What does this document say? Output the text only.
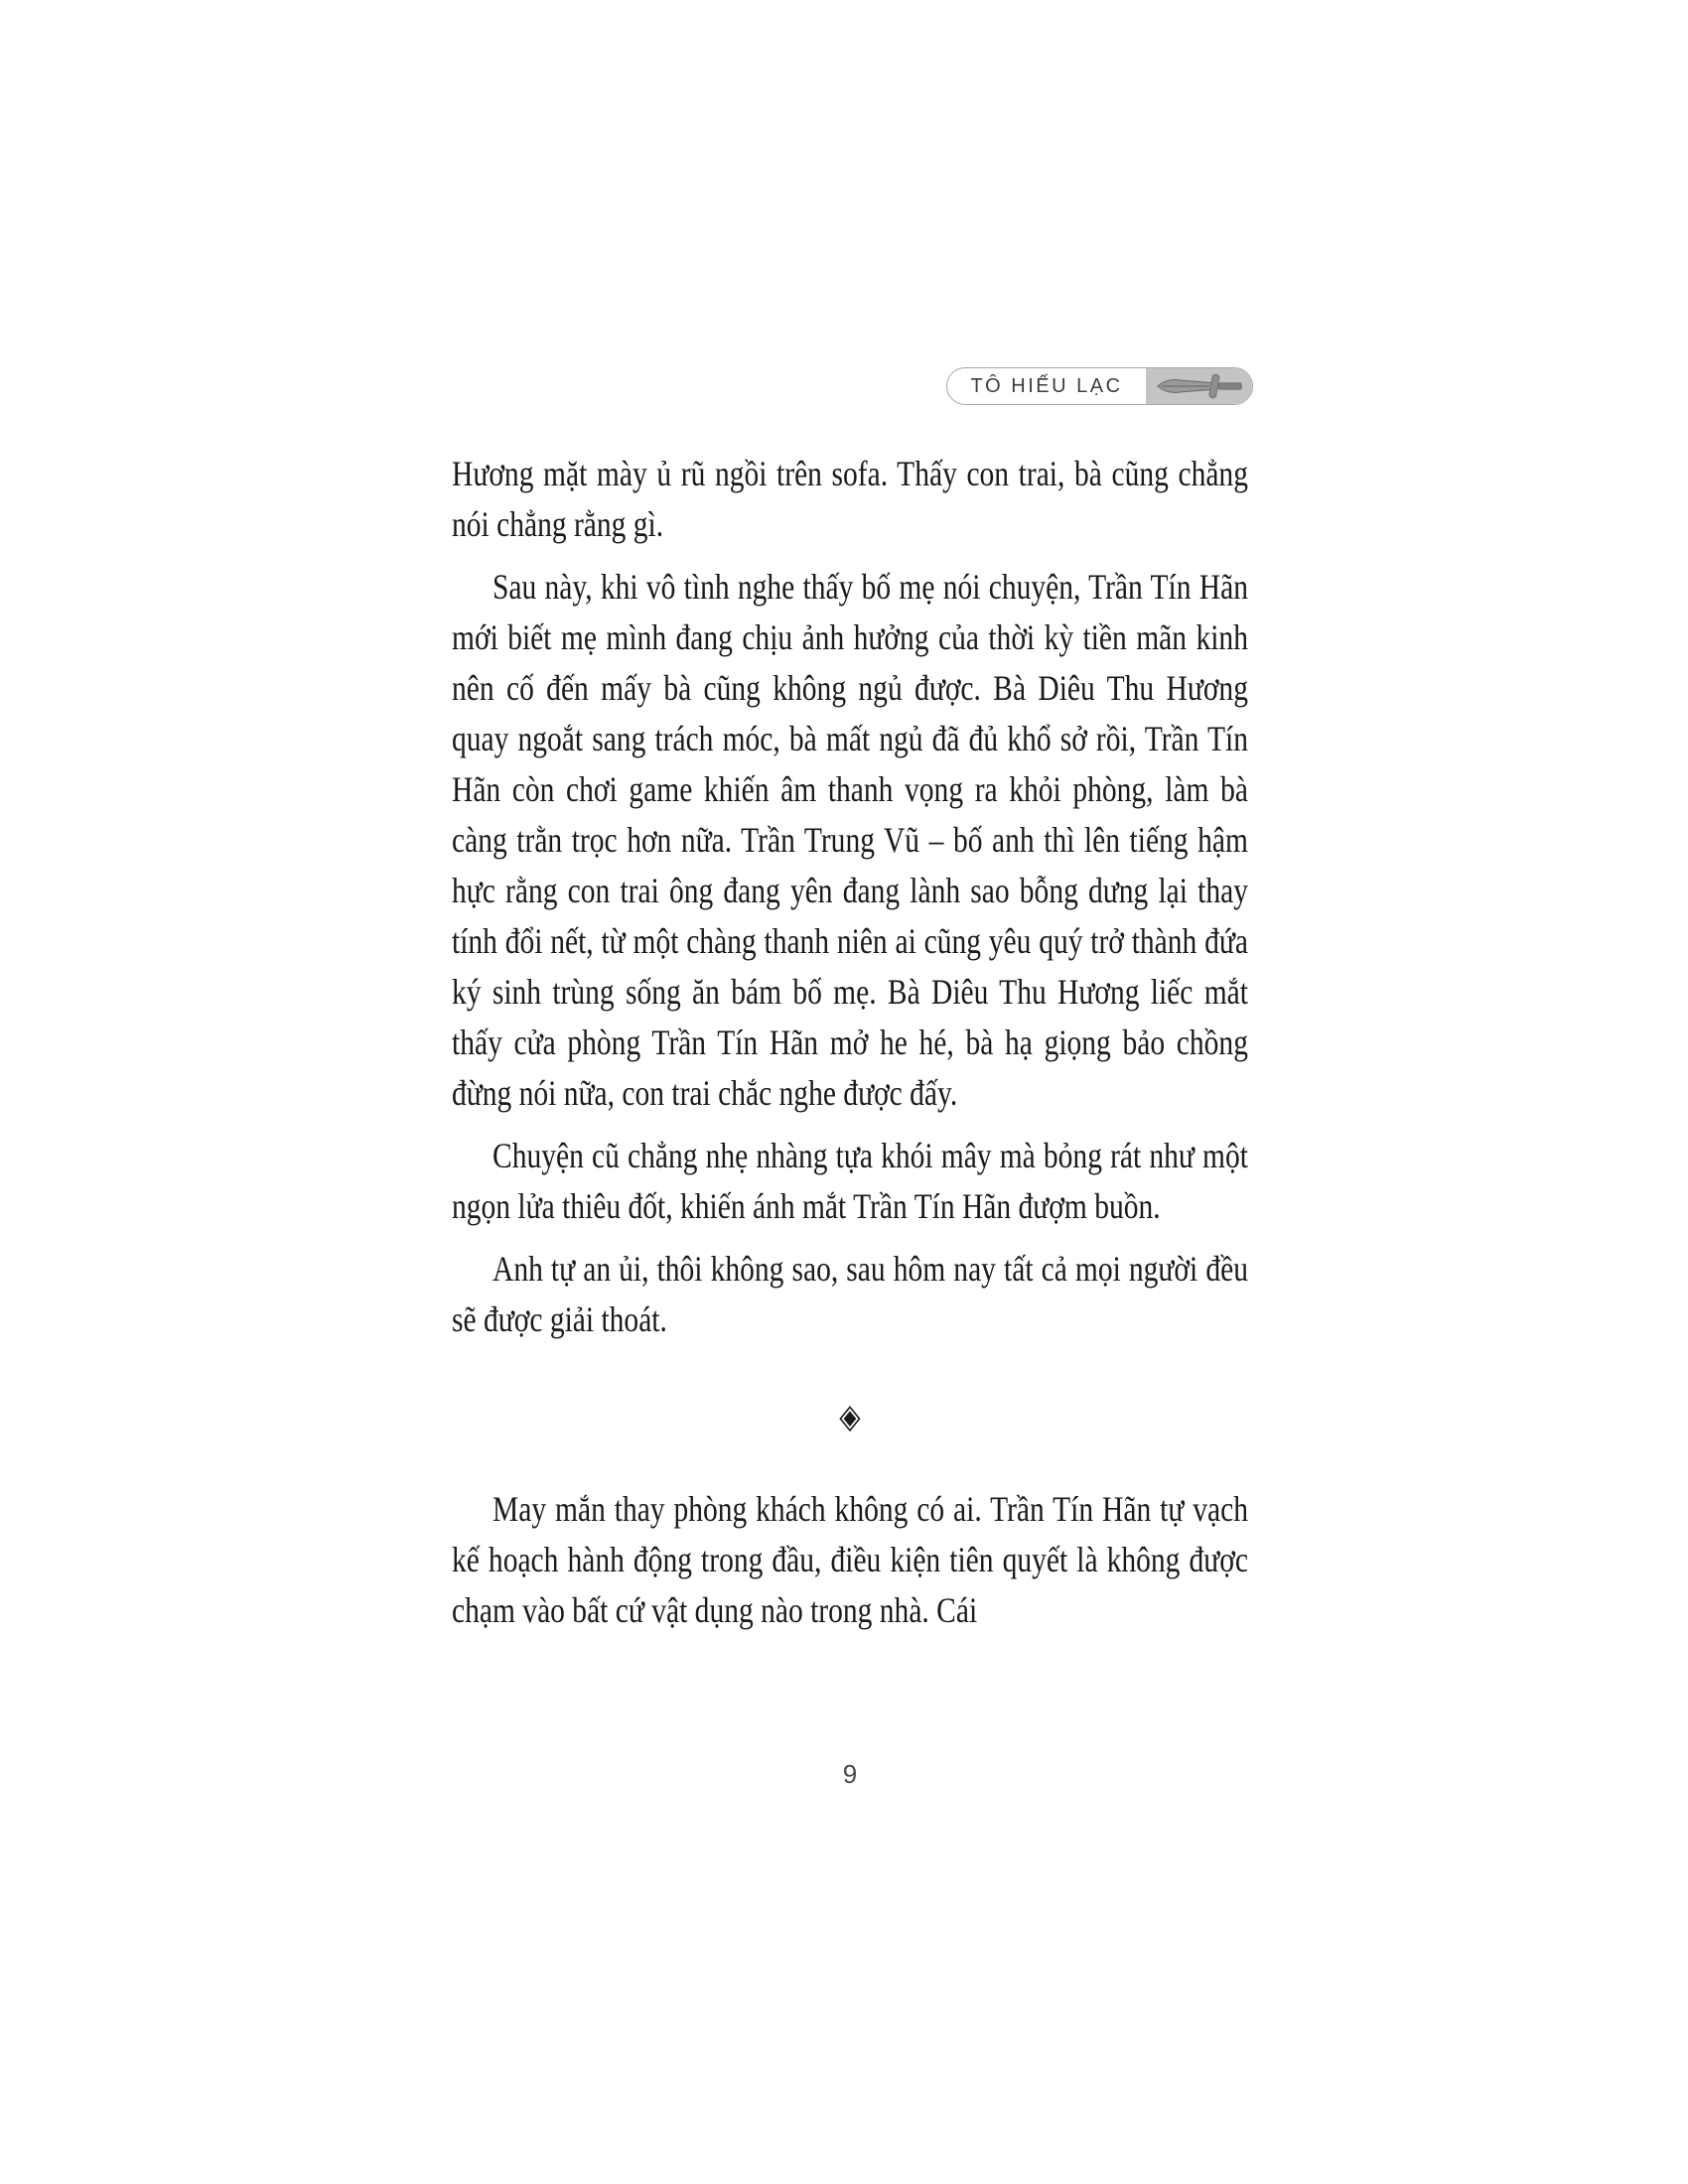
TÔ HIẾU LẠC

Hương mặt mày ủ rũ ngồi trên sofa. Thấy con trai, bà cũng chẳng nói chẳng rằng gì.

Sau này, khi vô tình nghe thấy bố mẹ nói chuyện, Trần Tín Hãn mới biết mẹ mình đang chịu ảnh hưởng của thời kỳ tiền mãn kinh nên cố đến mấy bà cũng không ngủ được. Bà Diêu Thu Hương quay ngoắt sang trách móc, bà mất ngủ đã đủ khổ sở rồi, Trần Tín Hãn còn chơi game khiến âm thanh vọng ra khỏi phòng, làm bà càng trằn trọc hơn nữa. Trần Trung Vũ – bố anh thì lên tiếng hậm hực rằng con trai ông đang yên đang lành sao bỗng dưng lại thay tính đổi nết, từ một chàng thanh niên ai cũng yêu quý trở thành đứa ký sinh trùng sống ăn bám bố mẹ. Bà Diêu Thu Hương liếc mắt thấy cửa phòng Trần Tín Hãn mở he hé, bà hạ giọng bảo chồng đừng nói nữa, con trai chắc nghe được đấy.

Chuyện cũ chẳng nhẹ nhàng tựa khói mây mà bỏng rát như một ngọn lửa thiêu đốt, khiến ánh mắt Trần Tín Hãn đượm buồn.

Anh tự an ủi, thôi không sao, sau hôm nay tất cả mọi người đều sẽ được giải thoát.

◈

May mắn thay phòng khách không có ai. Trần Tín Hãn tự vạch kế hoạch hành động trong đầu, điều kiện tiên quyết là không được chạm vào bất cứ vật dụng nào trong nhà. Cái

9
